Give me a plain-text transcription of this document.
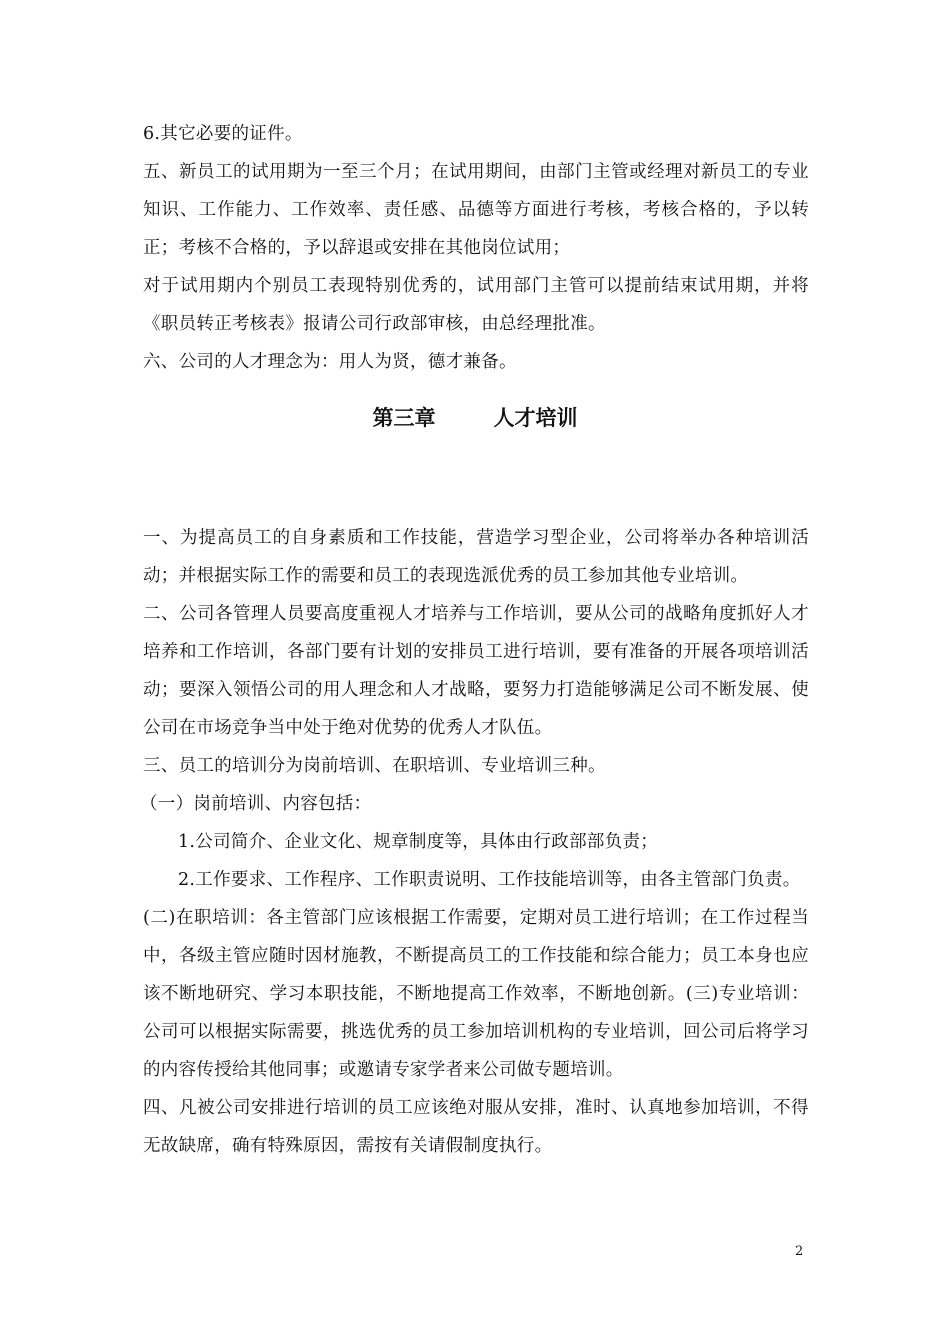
6.其它必要的证件。
五、新员工的试用期为一至三个月；在试用期间，由部门主管或经理对新员工的专业知识、工作能力、工作效率、责任感、品德等方面进行考核，考核合格的，予以转正；考核不合格的，予以辞退或安排在其他岗位试用；
对于试用期内个别员工表现特别优秀的，试用部门主管可以提前结束试用期，并将《职员转正考核表》报请公司行政部审核，由总经理批准。
六、公司的人才理念为：用人为贤，德才兼备。
第三章	人才培训
一、为提高员工的自身素质和工作技能，营造学习型企业，公司将举办各种培训活动；并根据实际工作的需要和员工的表现选派优秀的员工参加其他专业培训。
二、公司各管理人员要高度重视人才培养与工作培训，要从公司的战略角度抓好人才培养和工作培训，各部门要有计划的安排员工进行培训，要有准备的开展各项培训活动；要深入领悟公司的用人理念和人才战略，要努力打造能够满足公司不断发展、使公司在市场竞争当中处于绝对优势的优秀人才队伍。
三、员工的培训分为岗前培训、在职培训、专业培训三种。
（一）岗前培训、内容包括：
1.公司简介、企业文化、规章制度等，具体由行政部部负责；
2.工作要求、工作程序、工作职责说明、工作技能培训等，由各主管部门负责。
(二)在职培训：各主管部门应该根据工作需要，定期对员工进行培训；在工作过程当中，各级主管应随时因材施教，不断提高员工的工作技能和综合能力；员工本身也应该不断地研究、学习本职技能，不断地提高工作效率，不断地创新。(三)专业培训：公司可以根据实际需要，挑选优秀的员工参加培训机构的专业培训，回公司后将学习的内容传授给其他同事；或邀请专家学者来公司做专题培训。
四、凡被公司安排进行培训的员工应该绝对服从安排，准时、认真地参加培训，不得无故缺席，确有特殊原因，需按有关请假制度执行。
2
